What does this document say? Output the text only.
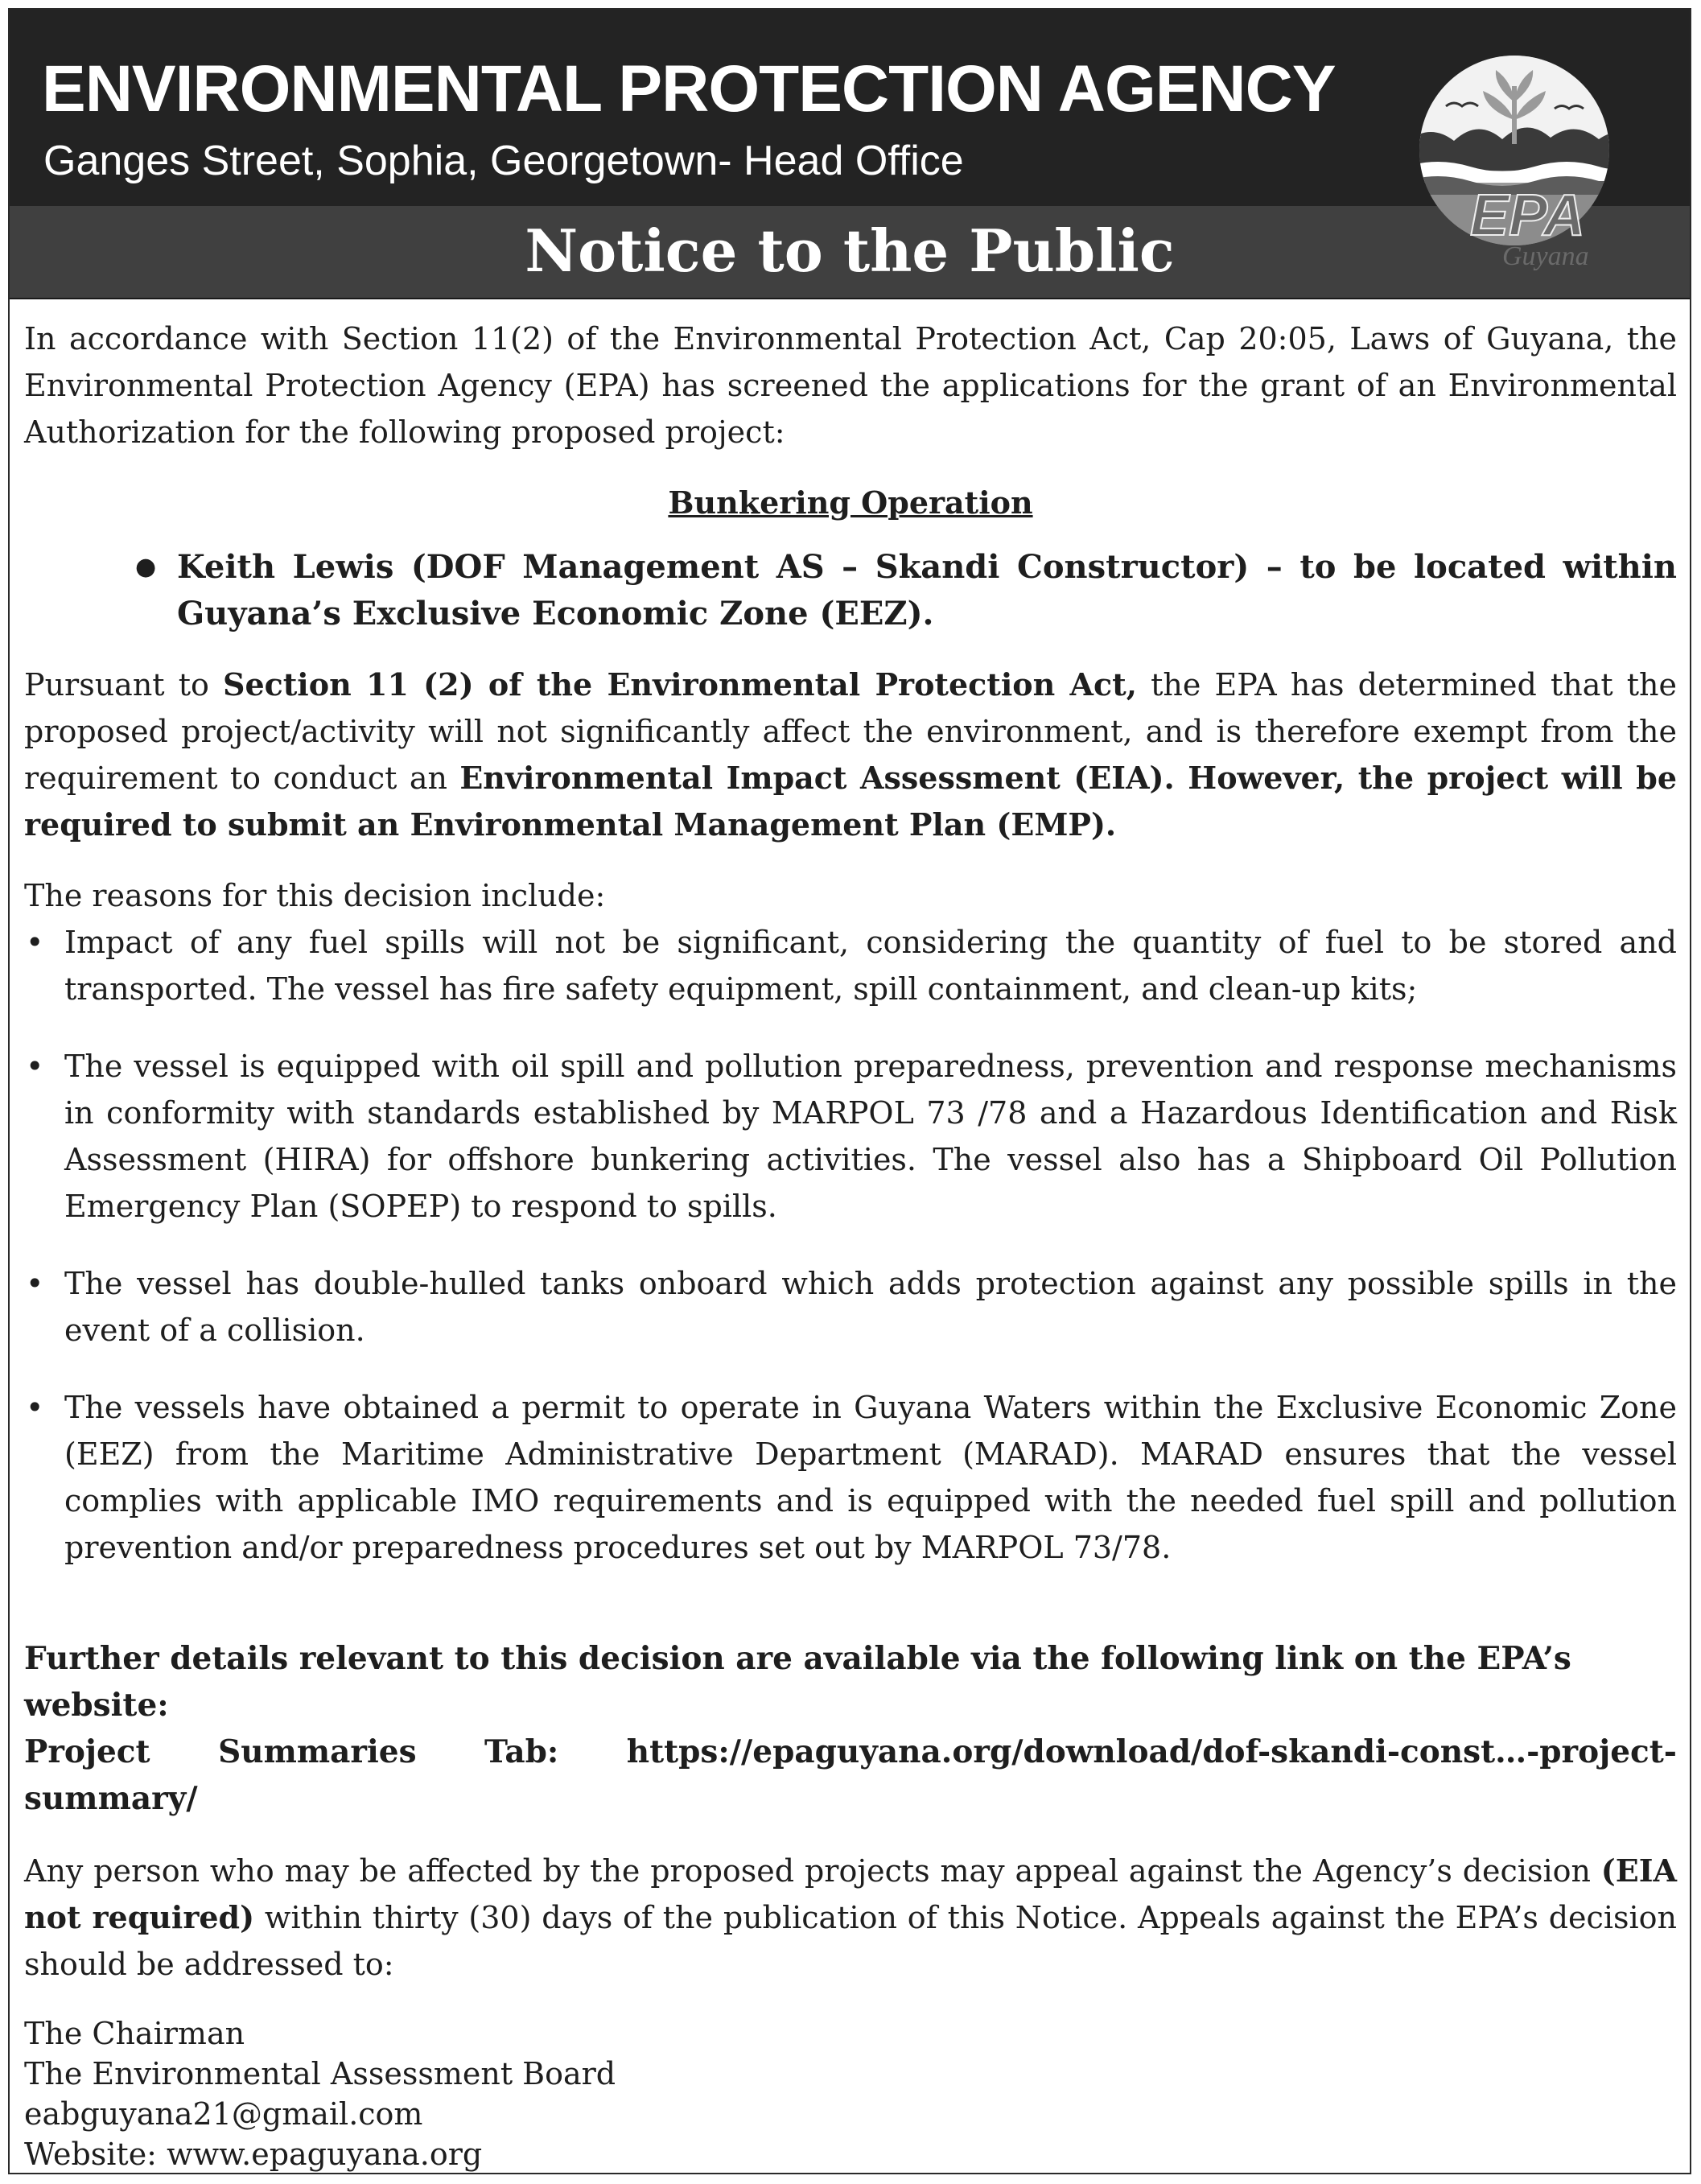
ENVIRONMENTAL PROTECTION AGENCY
Ganges Street, Sophia, Georgetown- Head Office
Notice to the Public
EPA
Guyana

In accordance with Section 11(2) of the Environmental Protection Act, Cap 20:05, Laws of Guyana, the Environmental Protection Agency (EPA) has screened the applications for the grant of an Environmental Authorization for the following proposed project:

Bunkering Operation

● Keith Lewis (DOF Management AS – Skandi Constructor) – to be located within Guyana’s Exclusive Economic Zone (EEZ).

Pursuant to Section 11 (2) of the Environmental Protection Act, the EPA has determined that the proposed project/activity will not significantly affect the environment, and is therefore exempt from the requirement to conduct an Environmental Impact Assessment (EIA). However, the project will be required to submit an Environmental Management Plan (EMP).

The reasons for this decision include:

• Impact of any fuel spills will not be significant, considering the quantity of fuel to be stored and transported. The vessel has fire safety equipment, spill containment, and clean-up kits;
• The vessel is equipped with oil spill and pollution preparedness, prevention and response mechanisms in conformity with standards established by MARPOL 73 /78 and a Hazardous Identification and Risk Assessment (HIRA) for offshore bunkering activities. The vessel also has a Shipboard Oil Pollution Emergency Plan (SOPEP) to respond to spills.
• The vessel has double-hulled tanks onboard which adds protection against any possible spills in the event of a collision.
• The vessels have obtained a permit to operate in Guyana Waters within the Exclusive Economic Zone (EEZ) from the Maritime Administrative Department (MARAD). MARAD ensures that the vessel complies with applicable IMO requirements and is equipped with the needed fuel spill and pollution prevention and/or preparedness procedures set out by MARPOL 73/78.

Further details relevant to this decision are available via the following link on the EPA’s website:
Project Summaries Tab: https://epaguyana.org/download/dof-skandi-const…-project-summary/

Any person who may be affected by the proposed projects may appeal against the Agency’s decision (EIA not required) within thirty (30) days of the publication of this Notice. Appeals against the EPA’s decision should be addressed to:

The Chairman
The Environmental Assessment Board
eabguyana21@gmail.com
Website: www.epaguyana.org
